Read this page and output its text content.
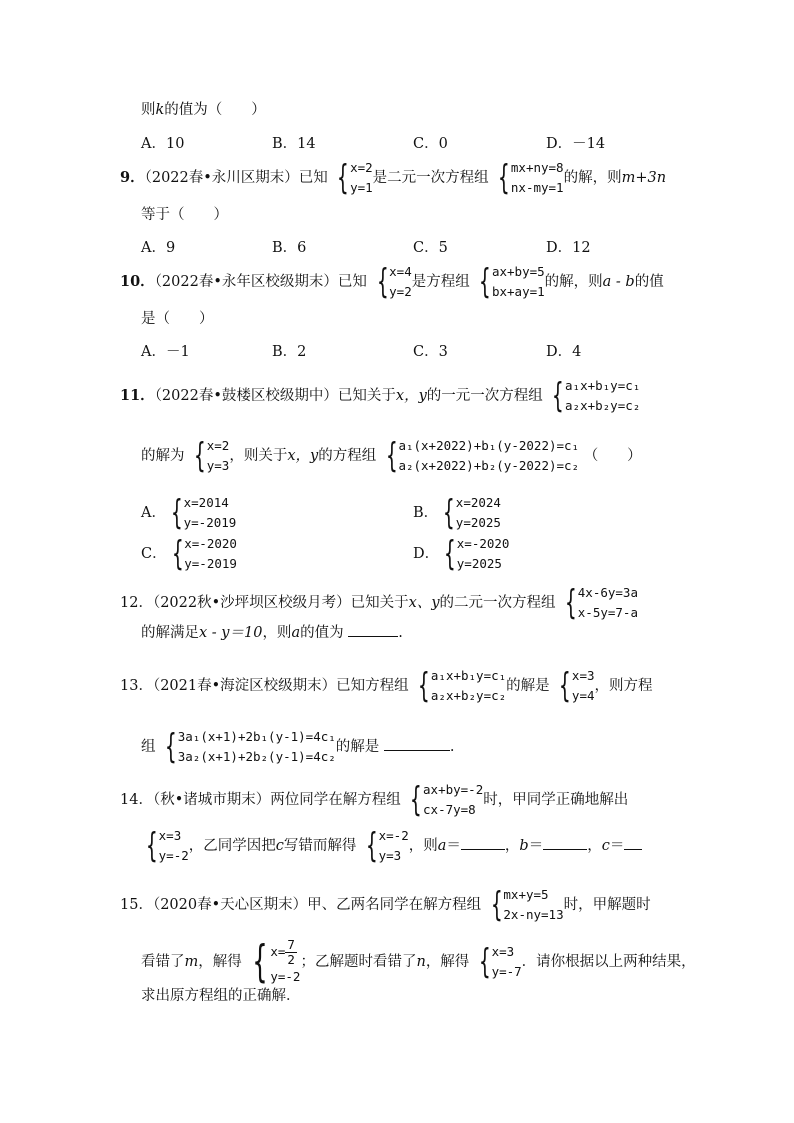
则k的值为（　　）
A．10	B．14	C．0	D．－14
9．（2022春•永川区期末）已知 { x=2
y=1
是二元一次方程组 { mx+ny=8
nx-my=1
的解，则m+3n
等于（　　）
A．9	B．6	C．5	D．12
10．（2022春•永年区校级期末）已知 { x=4
y=2
是方程组 { ax+by=5
bx+ay=1
的解，则a - b的值
是（　　）
A．－1	B．2	C．3	D．4
11．（2022春•鼓楼区校级期中）已知关于x，y的一元一次方程组 { a₁x+b₁y=c₁
a₂x+b₂y=c₂
的解为 { x=2
y=3
，则关于x，y的方程组 { a₁(x+2022)+b₁(y-2022)=c₁
a₂(x+2022)+b₂(y-2022)=c₂
（　　）
A． { x=2014
y=-2019
B． { x=2024
y=2025
C． { x=-2020
y=-2019
D． { x=-2020
y=2025
12．（2022秋•沙坪坝区校级月考）已知关于x、y的二元一次方程组 { 4x-6y=3a
x-5y=7-a
的解满足x - y＝10，则a的值为	.
13．（2021春•海淀区校级期末）已知方程组 { a₁x+b₁y=c₁
a₂x+b₂y=c₂
的解是 { x=3
y=4
，则方程
组 { 3a₁(x+1)+2b₁(y-1)=4c₁
3a₂(x+1)+2b₂(y-1)=4c₂
的解是	.
14．（秋•诸城市期末）两位同学在解方程组 { ax+by=-2
cx-7y=8
时，甲同学正确地解出
{ x=3
y=-2
，乙同学因把c写错而解得 { x=-2
y=3
，则a＝	，b＝	，c＝
15．（2020春•天心区期末）甲、乙两名同学在解方程组 { mx+y=5
2x-ny=13
时，甲解题时
看错了m，解得 { $x= \frac{7}{2}$
y=-2
；乙解题时看错了n，解得 { x=3
y=-7
．请你根据以上两种结果，
求出原方程组的正确解．
